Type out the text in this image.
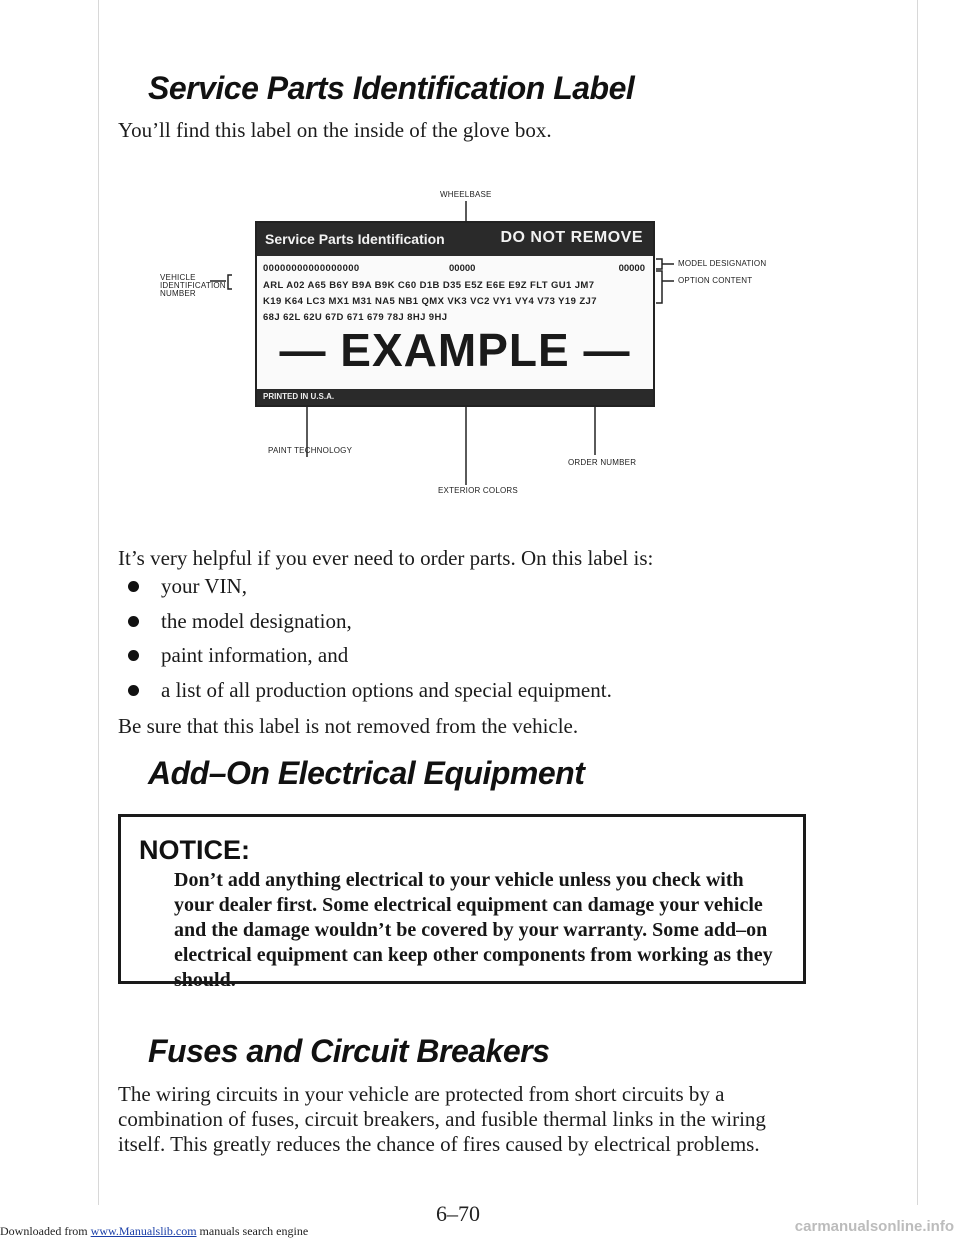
Service Parts Identification Label

You’ll find this label on the inside of the glove box.

WHEELBASE
VEHICLE IDENTIFICATION NUMBER
MODEL DESIGNATION
OPTION CONTENT
PAINT TECHNOLOGY
ORDER NUMBER
EXTERIOR COLORS
Service Parts Identification	DO NOT REMOVE
00000000000000000	00000	00000
ARL A02 A65 B6Y B9A B9K C60 D1B D35 E5Z E6E E9Z FLT GU1 JM7
K19 K64 LC3 MX1 M31 NA5 NB1 QMX VK3 VC2 VY1 VY4 V73 Y19 ZJ7
68J 62L 62U 67D 671 679 78J 8HJ 9HJ
— EXAMPLE —
PRINTED IN U.S.A.

It’s very helpful if you ever need to order parts. On this label is:

your VIN,
the model designation,
paint information, and
a list of all production options and special equipment.

Be sure that this label is not removed from the vehicle.

Add–On Electrical Equipment

NOTICE:

Don’t add anything electrical to your vehicle unless you check with your dealer first. Some electrical equipment can damage your vehicle and the damage wouldn’t be covered by your warranty. Some add–on electrical equipment can keep other components from working as they should.

Fuses and Circuit Breakers

The wiring circuits in your vehicle are protected from short circuits by a combination of fuses, circuit breakers, and fusible thermal links in the wiring itself. This greatly reduces the chance of fires caused by electrical problems.

6–70

Downloaded from www.Manualslib.com manuals search engine	carmanualsonline.info
